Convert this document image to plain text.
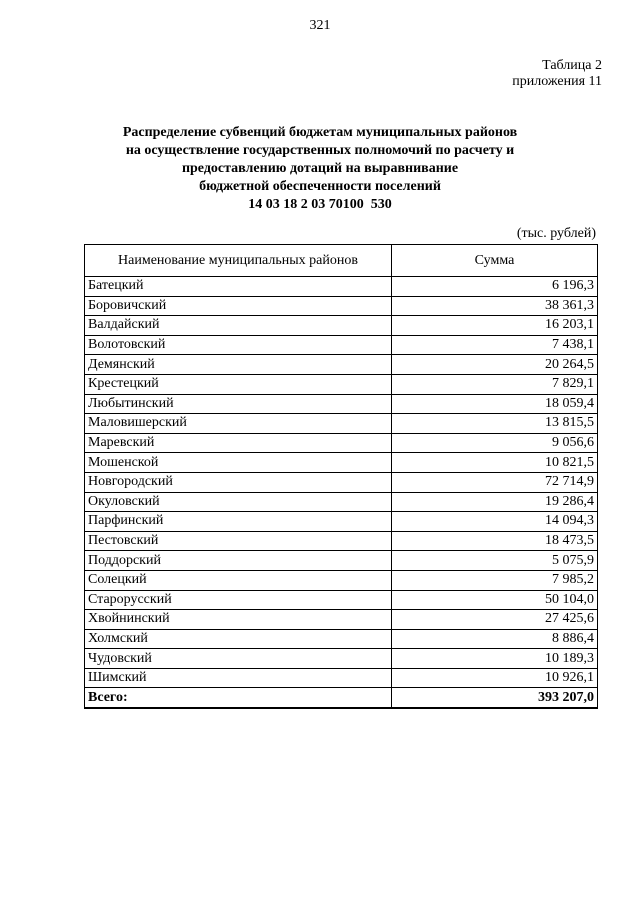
321
Таблица 2
приложения 11
Распределение субвенций бюджетам муниципальных районов
на осуществление государственных полномочий по расчету и
предоставлению дотаций на выравнивание
бюджетной обеспеченности поселений
14 03 18 2 03 70100  530
(тыс. рублей)
Наименование муниципальных районов	Сумма
Батецкий	6 196,3
Боровичский	38 361,3
Валдайский	16 203,1
Волотовский	7 438,1
Демянский	20 264,5
Крестецкий	7 829,1
Любытинский	18 059,4
Маловишерский	13 815,5
Маревский	9 056,6
Мошенской	10 821,5
Новгородский	72 714,9
Окуловский	19 286,4
Парфинский	14 094,3
Пестовский	18 473,5
Поддорский	5 075,9
Солецкий	7 985,2
Старорусский	50 104,0
Хвойнинский	27 425,6
Холмский	8 886,4
Чудовский	10 189,3
Шимский	10 926,1
Всего:	393 207,0
